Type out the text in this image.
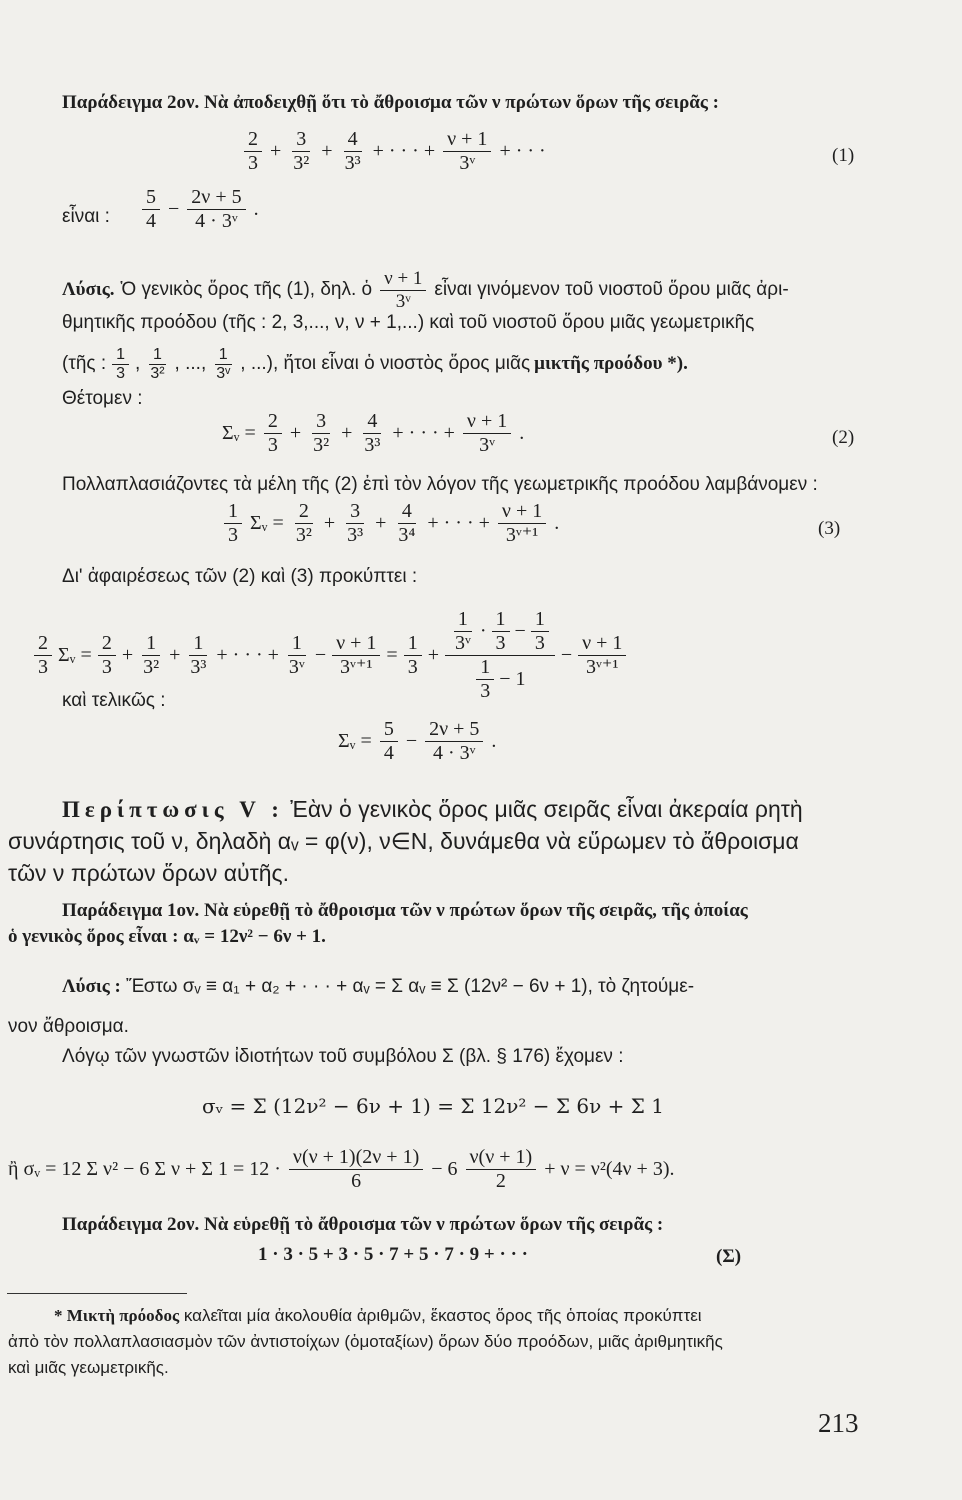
Παράδειγμα 2ον. Νὰ ἀποδειχθῇ ὅτι τὸ ἄθροισμα τῶν ν πρώτων ὅρων τῆς σειρᾶς :
$\frac{2}{3} + \frac{3}{\text{3²}} + \frac{4}{\text{3³}}$ + · · · + $\frac{\nu + 1}{\text{3ᵛ}}$ + · · ·	(1)
εἶναι : $\frac{5}{4} - \frac{2\nu + 5}{\text{4 · 3ᵛ}}$ .
Λύσις. Ὁ γενικὸς ὅρος τῆς (1), δηλ. ὁ $\frac{\nu + 1}{\text{3ᵛ}}$ εἶναι γινόμενον τοῦ νιοστοῦ ὅρου μιᾶς ἀρι-
θμητικῆς προόδου (τῆς : 2, 3,..., ν, ν + 1,...) καὶ τοῦ νιοστοῦ ὅρου μιᾶς γεωμετρικῆς
(τῆς : $\frac{1}{3}$ , $\frac{1}{\text{3²}}$ , ..., $\frac{1}{\text{3ᵛ}}$ , ...), ἤτοι εἶναι ὁ νιοστὸς ὅρος μιᾶς μικτῆς προόδου *).
Θέτομεν :
Σᵥ = $\frac{2}{3} + \frac{3}{\text{3²}} + \frac{4}{\text{3³}}$ + · · · + $\frac{\nu + 1}{\text{3ᵛ}}$ .	(2)
Πολλαπλασιάζοντες τὰ μέλη τῆς (2) ἐπὶ τὸν λόγον τῆς γεωμετρικῆς προόδου λαμβάνομεν :
$\frac{1}{3}$ Σᵥ = $\frac{2}{\text{3²}} + \frac{3}{\text{3³}} + \frac{4}{\text{3⁴}}$ + · · · + $\frac{\nu + 1}{\text{3ᵛ⁺¹}}$ .	(3)
Δι' ἀφαιρέσεως τῶν (2) καὶ (3) προκύπτει :
$\frac{2}{3}$ Σᵥ = $\frac{2}{3} + \frac{1}{\text{3²}} + \frac{1}{\text{3³}}$ + · · · + $\frac{1}{\text{3ᵛ}} - \frac{\nu + 1}{\text{3ᵛ⁺¹}} = \frac{1}{3} + \frac{\frac{1}{\text{3ᵛ}} \cdot \frac{1}{3} - \frac{1}{3}}{\frac{1}{3} - 1} - \frac{\nu + 1}{\text{3ᵛ⁺¹}}$
καὶ τελικῶς :
Σᵥ = $\frac{5}{4} - \frac{2\nu + 5}{\text{4 · 3ᵛ}}$ .
Περίπτωσις V : Ἐὰν ὁ γενικὸς ὅρος μιᾶς σειρᾶς εἶναι ἀκεραία ρητὴ
συνάρτησις τοῦ ν, δηλαδὴ αᵥ = φ(ν), ν∈N, δυνάμεθα νὰ εὕρωμεν τὸ ἄθροισμα
τῶν ν πρώτων ὅρων αὐτῆς.
Παράδειγμα 1ον. Νὰ εὑρεθῇ τὸ ἄθροισμα τῶν ν πρώτων ὅρων τῆς σειρᾶς, τῆς ὁποίας
ὁ γενικὸς ὅρος εἶναι : αᵥ = 12ν² − 6ν + 1.
Λύσις : Ἔστω σᵥ ≡ α₁ + α₂ + · · · + αᵥ = Σ αᵥ ≡ Σ (12ν² − 6ν + 1), τὸ ζητούμε-
νον ἄθροισμα.
Λόγῳ τῶν γνωστῶν ἰδιοτήτων τοῦ συμβόλου Σ (βλ. § 176) ἔχομεν :
σᵥ = Σ (12ν² − 6ν + 1) = Σ 12ν² − Σ 6ν + Σ 1
ἢ σᵥ = 12 Σ ν² − 6 Σ ν + Σ $1 = 12 \cdot \frac{\nu(\nu + 1)(2\nu + 1)}{6} - 6 \frac{\nu(\nu + 1)}{2} + \nu = \nu^2(4\nu + 3)$.
Παράδειγμα 2ον. Νὰ εὑρεθῇ τὸ ἄθροισμα τῶν ν πρώτων ὅρων τῆς σειρᾶς :
1 · 3 · 5 + 3 · 5 · 7 + 5 · 7 · 9 + · · ·	(Σ)
* Μικτὴ πρόοδος καλεῖται μία ἀκολουθία ἀριθμῶν, ἕκαστος ὅρος τῆς ὁποίας προκύπτει
ἀπὸ τὸν πολλαπλασιασμὸν τῶν ἀντιστοίχων (ὁμοταξίων) ὅρων δύο προόδων, μιᾶς ἀριθμητικῆς
καὶ μιᾶς γεωμετρικῆς.
213
